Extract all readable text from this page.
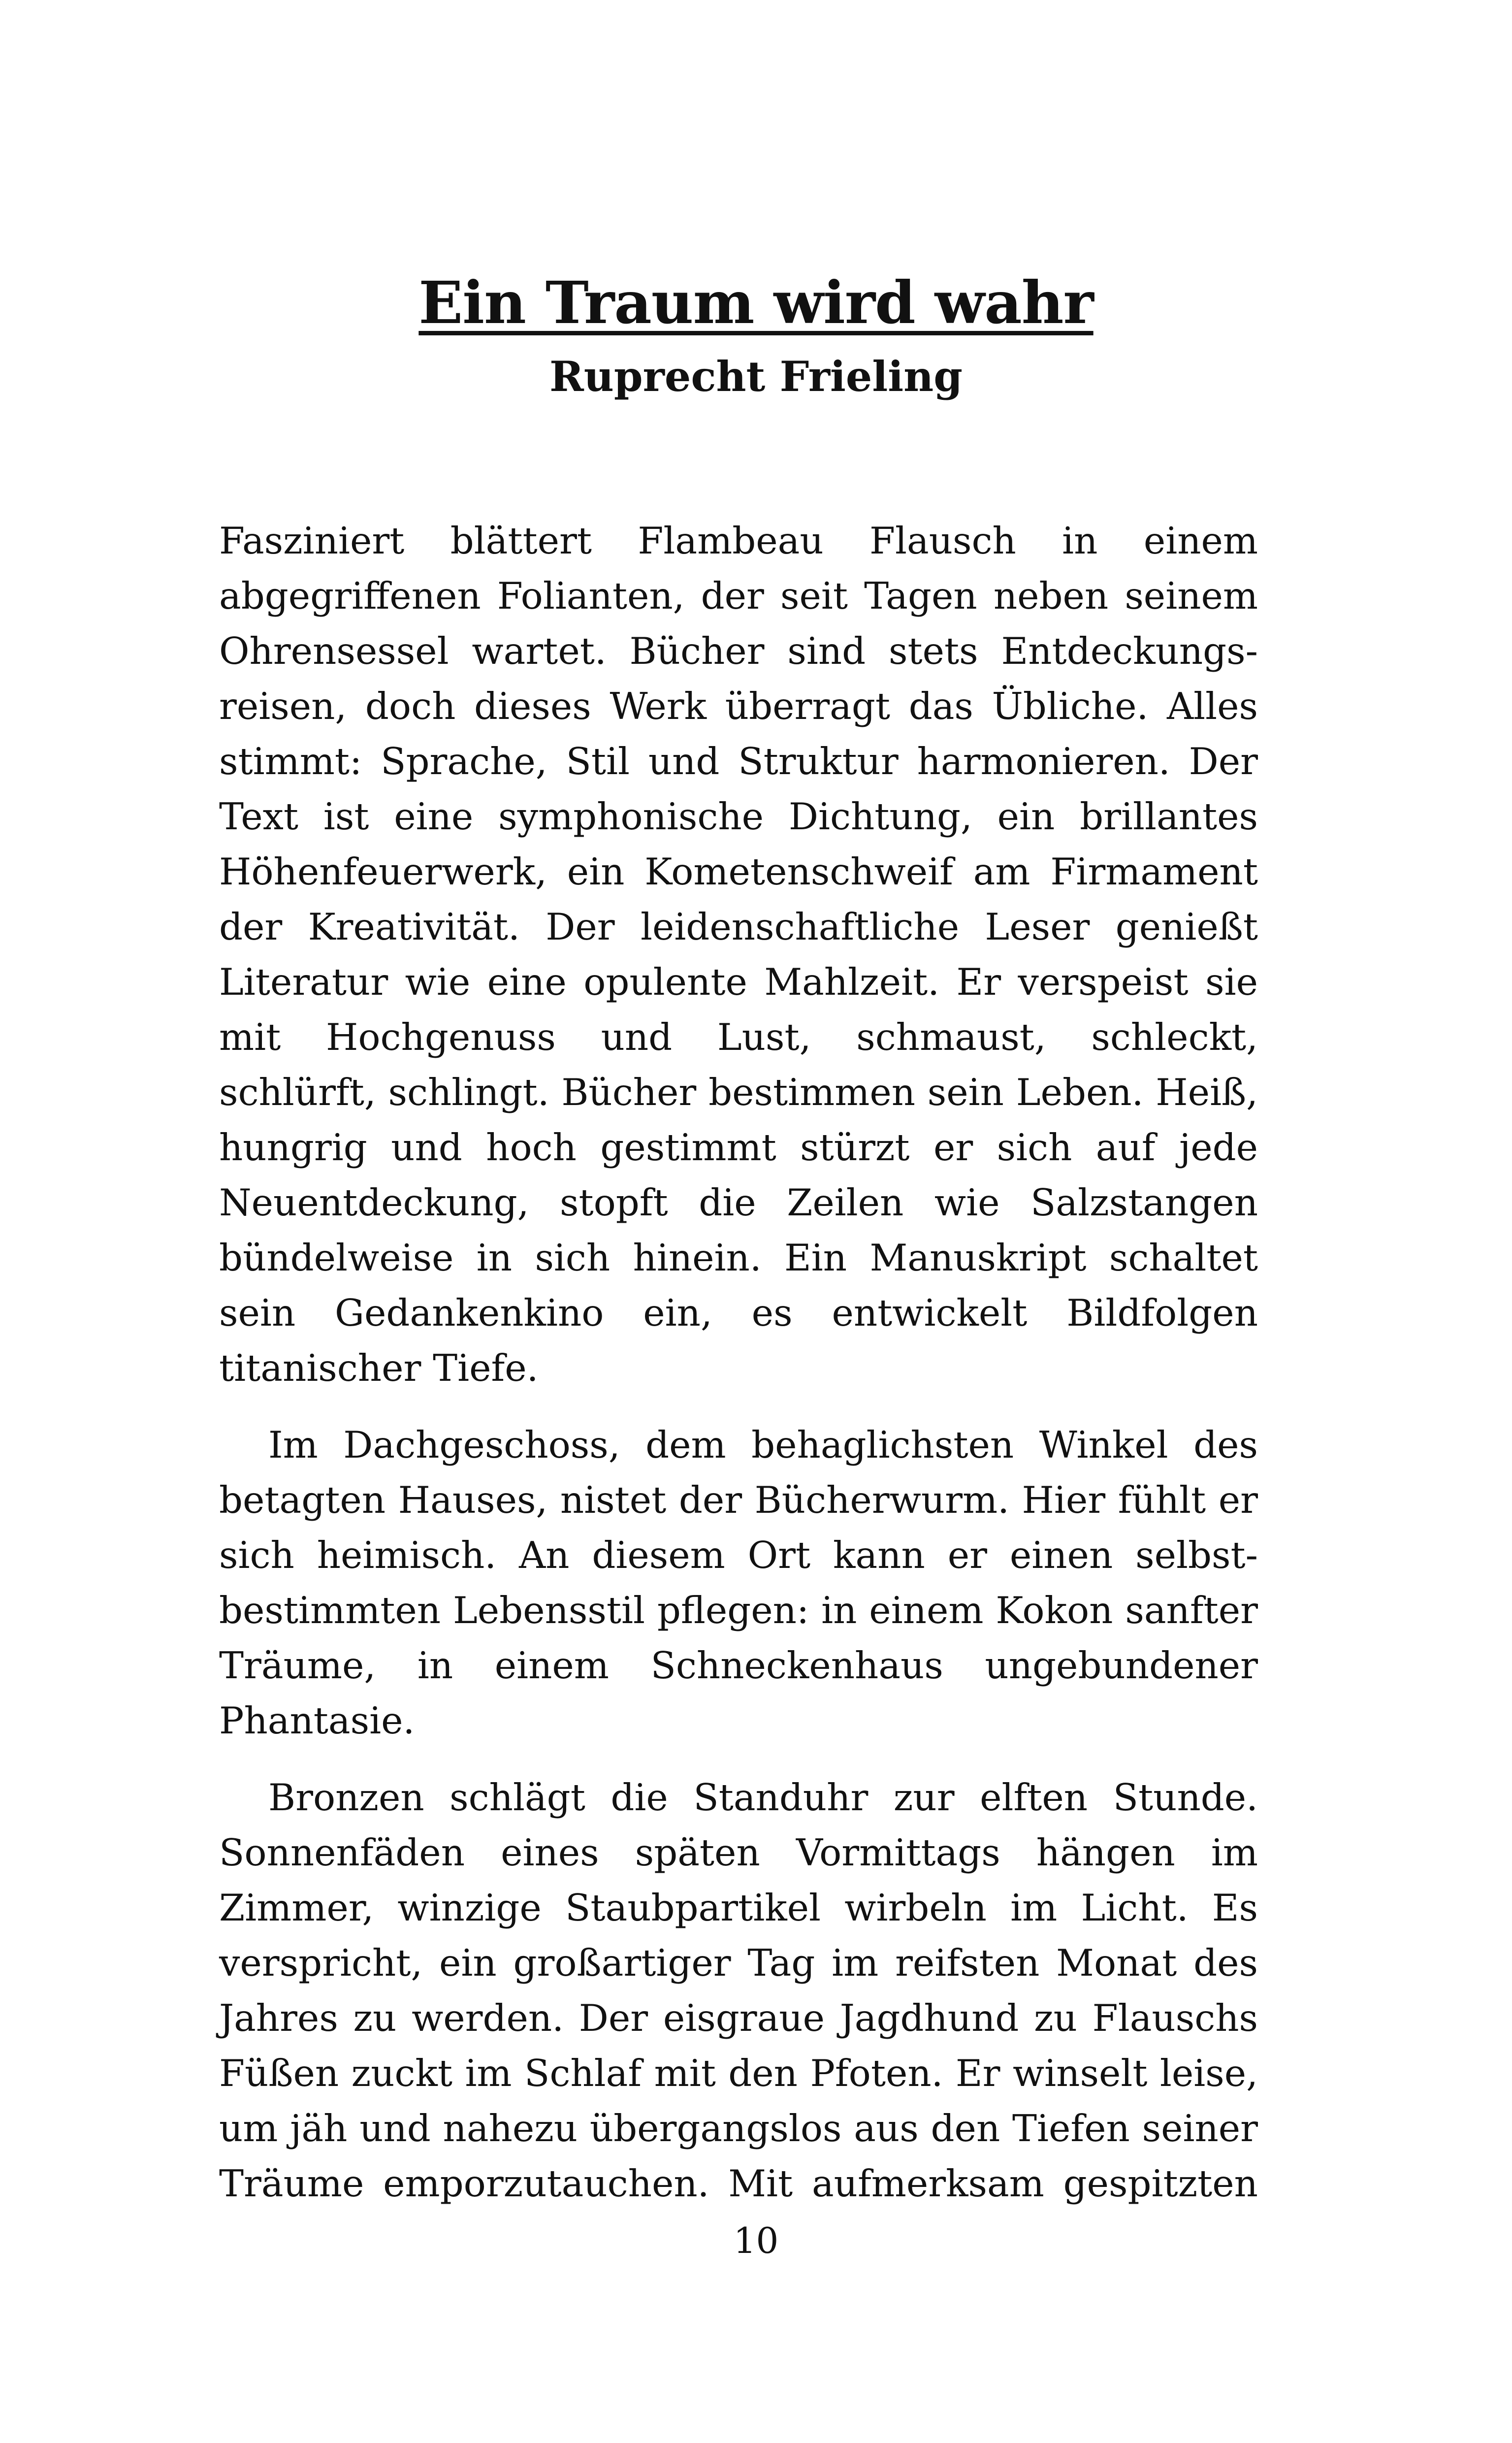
Ein Traum wird wahr
Ruprecht Frieling

Fasziniert blättert Flambeau Flausch in einem abgegriffenen Folianten, der seit Tagen neben seinem Ohrensessel wartet. Bücher sind stets Entdeckungsreisen, doch dieses Werk überragt das Übliche. Alles stimmt: Sprache, Stil und Struktur harmonieren. Der Text ist eine symphonische Dichtung, ein brillantes Höhenfeuerwerk, ein Kometenschweif am Firmament der Kreativität. Der leidenschaftliche Leser genießt Literatur wie eine opulente Mahlzeit. Er verspeist sie mit Hochgenuss und Lust, schmaust, schleckt, schlürft, schlingt. Bücher bestimmen sein Leben. Heiß, hungrig und hoch gestimmt stürzt er sich auf jede Neuentdeckung, stopft die Zeilen wie Salzstangen bündelweise in sich hinein. Ein Manuskript schaltet sein Gedankenkino ein, es entwickelt Bildfolgen titanischer Tiefe.

Im Dachgeschoss, dem behaglichsten Winkel des betagten Hauses, nistet der Bücherwurm. Hier fühlt er sich heimisch. An diesem Ort kann er einen selbstbestimmten Lebensstil pflegen: in einem Kokon sanfter Träume, in einem Schneckenhaus ungebundener Phantasie.

Bronzen schlägt die Standuhr zur elften Stunde. Sonnenfäden eines späten Vormittags hängen im Zimmer, winzige Staubpartikel wirbeln im Licht. Es verspricht, ein großartiger Tag im reifsten Monat des Jahres zu werden. Der eisgraue Jagdhund zu Flauschs Füßen zuckt im Schlaf mit den Pfoten. Er winselt leise, um jäh und nahezu übergangslos aus den Tiefen seiner Träume emporzutauchen. Mit aufmerksam gespitzten

10
